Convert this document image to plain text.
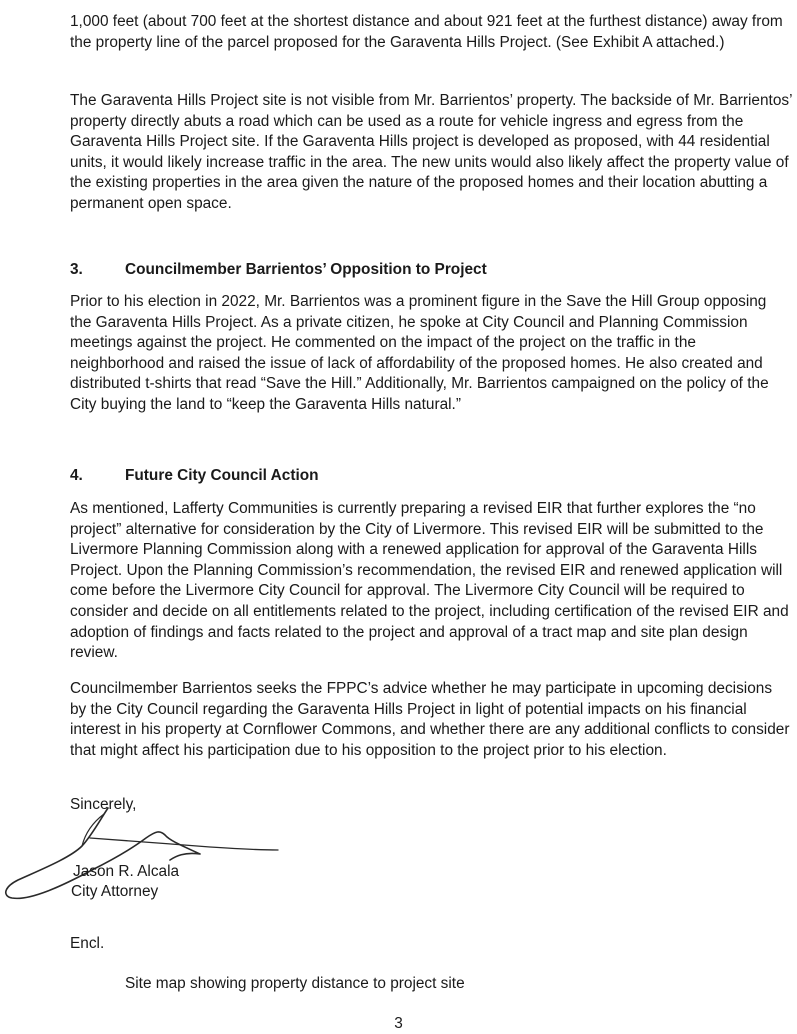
1,000 feet (about 700 feet at the shortest distance and about 921 feet at the furthest distance) away from the property line of the parcel proposed for the Garaventa Hills Project. (See Exhibit A attached.)

The Garaventa Hills Project site is not visible from Mr. Barrientos’ property. The backside of Mr. Barrientos’ property directly abuts a road which can be used as a route for vehicle ingress and egress from the Garaventa Hills Project site. If the Garaventa Hills project is developed as proposed, with 44 residential units, it would likely increase traffic in the area. The new units would also likely affect the property value of the existing properties in the area given the nature of the proposed homes and their location abutting a permanent open space.

3.	Councilmember Barrientos’ Opposition to Project

Prior to his election in 2022, Mr. Barrientos was a prominent figure in the Save the Hill Group opposing the Garaventa Hills Project. As a private citizen, he spoke at City Council and Planning Commission meetings against the project. He commented on the impact of the project on the traffic in the neighborhood and raised the issue of lack of affordability of the proposed homes. He also created and distributed t-shirts that read “Save the Hill.” Additionally, Mr. Barrientos campaigned on the policy of the City buying the land to “keep the Garaventa Hills natural.”

4.	Future City Council Action

As mentioned, Lafferty Communities is currently preparing a revised EIR that further explores the “no project” alternative for consideration by the City of Livermore. This revised EIR will be submitted to the Livermore Planning Commission along with a renewed application for approval of the Garaventa Hills Project. Upon the Planning Commission’s recommendation, the revised EIR and renewed application will come before the Livermore City Council for approval. The Livermore City Council will be required to consider and decide on all entitlements related to the project, including certification of the revised EIR and adoption of findings and facts related to the project and approval of a tract map and site plan design review.

Councilmember Barrientos seeks the FPPC’s advice whether he may participate in upcoming decisions by the City Council regarding the Garaventa Hills Project in light of potential impacts on his financial interest in his property at Cornflower Commons, and whether there are any additional conflicts to consider that might affect his participation due to his opposition to the project prior to his election.

Sincerely,

Jason R. Alcala

City Attorney

Encl.

Site map showing property distance to project site

3
